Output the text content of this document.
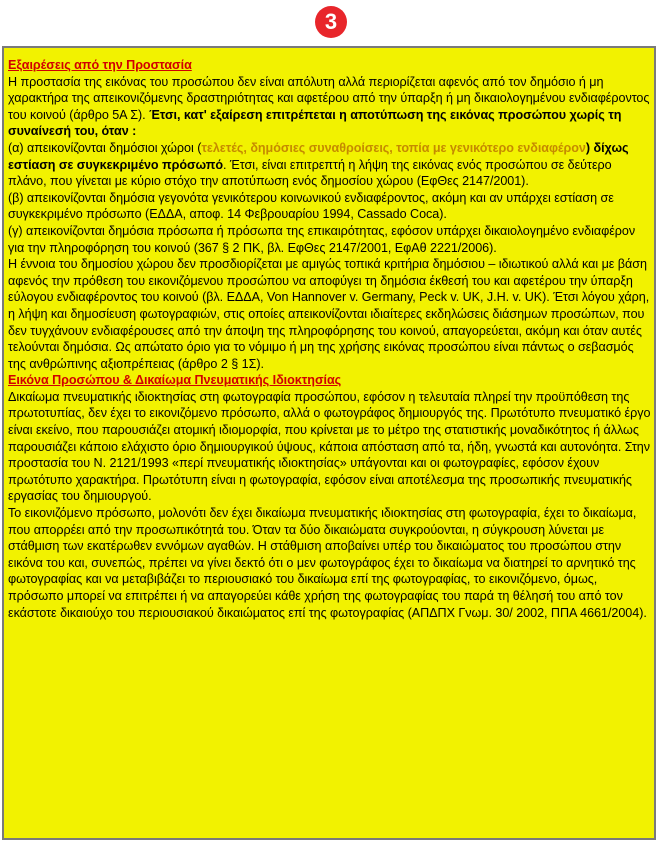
3
Εξαιρέσεις από την Προστασία

Η προστασία της εικόνας του προσώπου δεν είναι απόλυτη αλλά περιορίζεται αφενός από τον δημόσιο ή μη χαρακτήρα της απεικονιζόμενης δραστηριότητας και αφετέρου από την ύπαρξη ή μη δικαιολογημένου ενδιαφέροντος του κοινού (άρθρο 5Α Σ). Έτσι, κατ' εξαίρεση επιτρέπεται η αποτύπωση της εικόνας προσώπου χωρίς τη συναίνεσή του, όταν :

(α) απεικονίζονται δημόσιοι χώροι (τελετές, δημόσιες συναθροίσεις, τοπία με γενικότερο ενδιαφέρον) δίχως εστίαση σε συγκεκριμένο πρόσωπό. Έτσι, είναι επιτρεπτή η λήψη της εικόνας ενός προσώπου σε δεύτερο πλάνο, που γίνεται με κύριο στόχο την αποτύπωση ενός δημοσίου χώρου (ΕφΘες 2147/2001).

(β) απεικονίζονται δημόσια γεγονότα γενικότερου κοινωνικού ενδιαφέροντος, ακόμη και αν υπάρχει εστίαση σε συγκεκριμένο πρόσωπο (ΕΔΔΑ, αποφ. 14 Φεβρουαρίου 1994, Cassado Coca).

(γ) απεικονίζονται δημόσια πρόσωπα ή πρόσωπα της επικαιρότητας, εφόσον υπάρχει δικαιολογημένο ενδιαφέρον για την πληροφόρηση του κοινού (367 § 2 ΠΚ, βλ. ΕφΘες 2147/2001, ΕφΑθ 2221/2006).

Η έννοια του δημοσίου χώρου δεν προσδιορίζεται με αμιγώς τοπικά κριτήρια δημόσιου – ιδιωτικού αλλά και με βάση αφενός την πρόθεση του εικονιζόμενου προσώπου να αποφύγει τη δημόσια έκθεσή του και αφετέρου την ύπαρξη εύλογου ενδιαφέροντος του κοινού (βλ. ΕΔΔΑ, Von Hannover v. Germany, Peck v. UK, J.H. v. UK). Έτσι λόγου χάρη, η λήψη και δημοσίευση φωτογραφιών, στις οποίες απεικονίζονται ιδιαίτερες εκδηλώσεις διάσημων προσώπων, που δεν τυγχάνουν ενδιαφέρουσες από την άποψη της πληροφόρησης του κοινού, απαγορεύεται, ακόμη και όταν αυτές τελούνται δημόσια. Ως απώτατο όριο για το νόμιμο ή μη της χρήσης εικόνας προσώπου είναι πάντως ο σεβασμός της ανθρώπινης αξιοπρέπειας (άρθρο 2 § 1Σ).

Εικόνα Προσώπου & Δικαίωμα Πνευματικής Ιδιοκτησίας

Δικαίωμα πνευματικής ιδιοκτησίας στη φωτογραφία προσώπου, εφόσον η τελευταία πληρεί την προϋπόθεση της πρωτοτυπίας, δεν έχει το εικονιζόμενο πρόσωπο, αλλά ο φωτογράφος δημιουργός της. Πρωτότυπο πνευματικό έργο είναι εκείνο, που παρουσιάζει ατομική ιδιομορφία, που κρίνεται με το μέτρο της στατιστικής μοναδικότητος ή άλλως παρουσιάζει κάποιο ελάχιστο όριο δημιουργικού ύψους, κάποια απόσταση από τα, ήδη, γνωστά και αυτονόητα. Στην προστασία του Ν. 2121/1993 «περί πνευματικής ιδιοκτησίας» υπάγονται και οι φωτογραφίες, εφόσον έχουν πρωτότυπο χαρακτήρα. Πρωτότυπη είναι η φωτογραφία, εφόσον είναι αποτέλεσμα της προσωπικής πνευματικής εργασίας του δημιουργού.

Το εικονιζόμενο πρόσωπο, μολονότι δεν έχει δικαίωμα πνευματικής ιδιοκτησίας στη φωτογραφία, έχει το δικαίωμα, που απορρέει από την προσωπικότητά του. Όταν τα δύο δικαιώματα συγκρούονται, η σύγκρουση λύνεται με στάθμιση των εκατέρωθεν εννόμων αγαθών. Η στάθμιση αποβαίνει υπέρ του δικαιώματος του προσώπου στην εικόνα του και, συνεπώς, πρέπει να γίνει δεκτό ότι ο μεν φωτογράφος έχει το δικαίωμα να διατηρεί το αρνητικό της φωτογραφίας και να μεταβιβάζει το περιουσιακό του δικαίωμα επί της φωτογραφίας, το εικονιζόμενο, όμως, πρόσωπο μπορεί να επιτρέπει ή να απαγορεύει κάθε χρήση της φωτογραφίας του παρά τη θέλησή του από τον εκάστοτε δικαιούχο του περιουσιακού δικαιώματος επί της φωτογραφίας (ΑΠΔΠΧ Γνωμ. 30/ 2002, ΠΠΑ 4661/2004).
